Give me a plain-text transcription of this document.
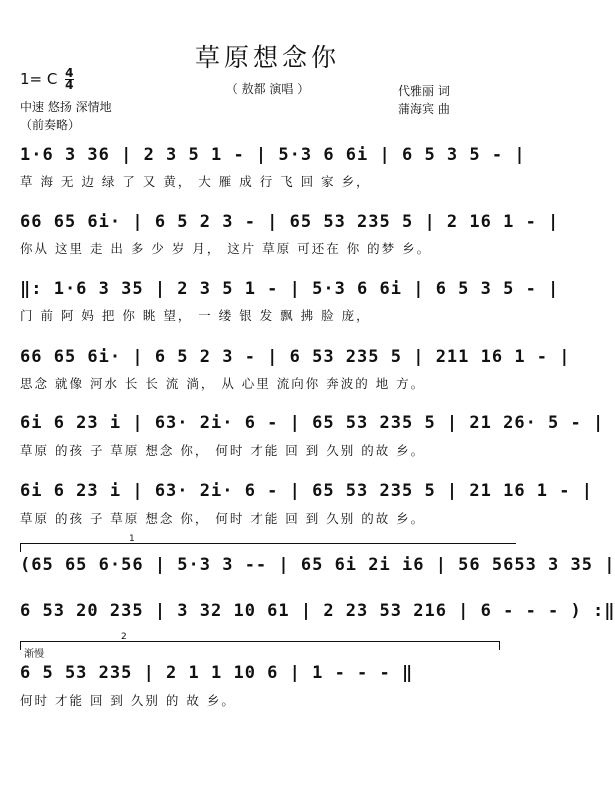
草原想念你
（ 敖都 演唱 ）
1= C $\frac{4}{4}$
中速 悠扬 深情地
（前奏略）
代雅丽 词
蒲海宾 曲
1·6 3 36 | 2 3 5 1 - | 5·3 6 6i | 6 5 3 5 - |
草 海 无 边 绿 了 又 黄， 大 雁 成 行 飞 回 家 乡，
66 65 6i· | 6 5 2 3 - | 65 53 235 5 | 2 16 1 - |
你从 这里 走 出 多 少 岁 月， 这片 草原 可还在 你 的梦 乡。
‖: 1·6 3 35 | 2 3 5 1 - | 5·3 6 6i | 6 5 3 5 - |
门 前 阿 妈 把 你 眺 望， 一 缕 银 发 飘 拂 脸 庞，
66 65 6i· | 6 5 2 3 - | 6 53 235 5 | 211 16 1 - |
思念 就像 河水 长 长 流 淌， 从 心里 流向你 奔波的 地 方。
6i 6 23 i | 63· 2i· 6 - | 65 53 235 5 | 21 26· 5 - |
草原 的孩 子 草原 想念 你， 何时 才能 回 到 久别 的故 乡。
6i 6 23 i | 63· 2i· 6 - | 65 53 235 5 | 21 16 1 - |
草原 的孩 子 草原 想念 你， 何时 才能 回 到 久别 的故 乡。
1
(65 65 6·56 | 5·3 3 -- | 65 6i 2i i6 | 56 5653 3 35 |
6 53 20 235 | 3 32 10 61 | 2 23 53 216 | 6 - - - ) :‖
2
渐慢
6 5 53 235 | 2 1 1 10 6 | 1 - - - ‖
何时 才能 回 到 久别 的 故 乡。
